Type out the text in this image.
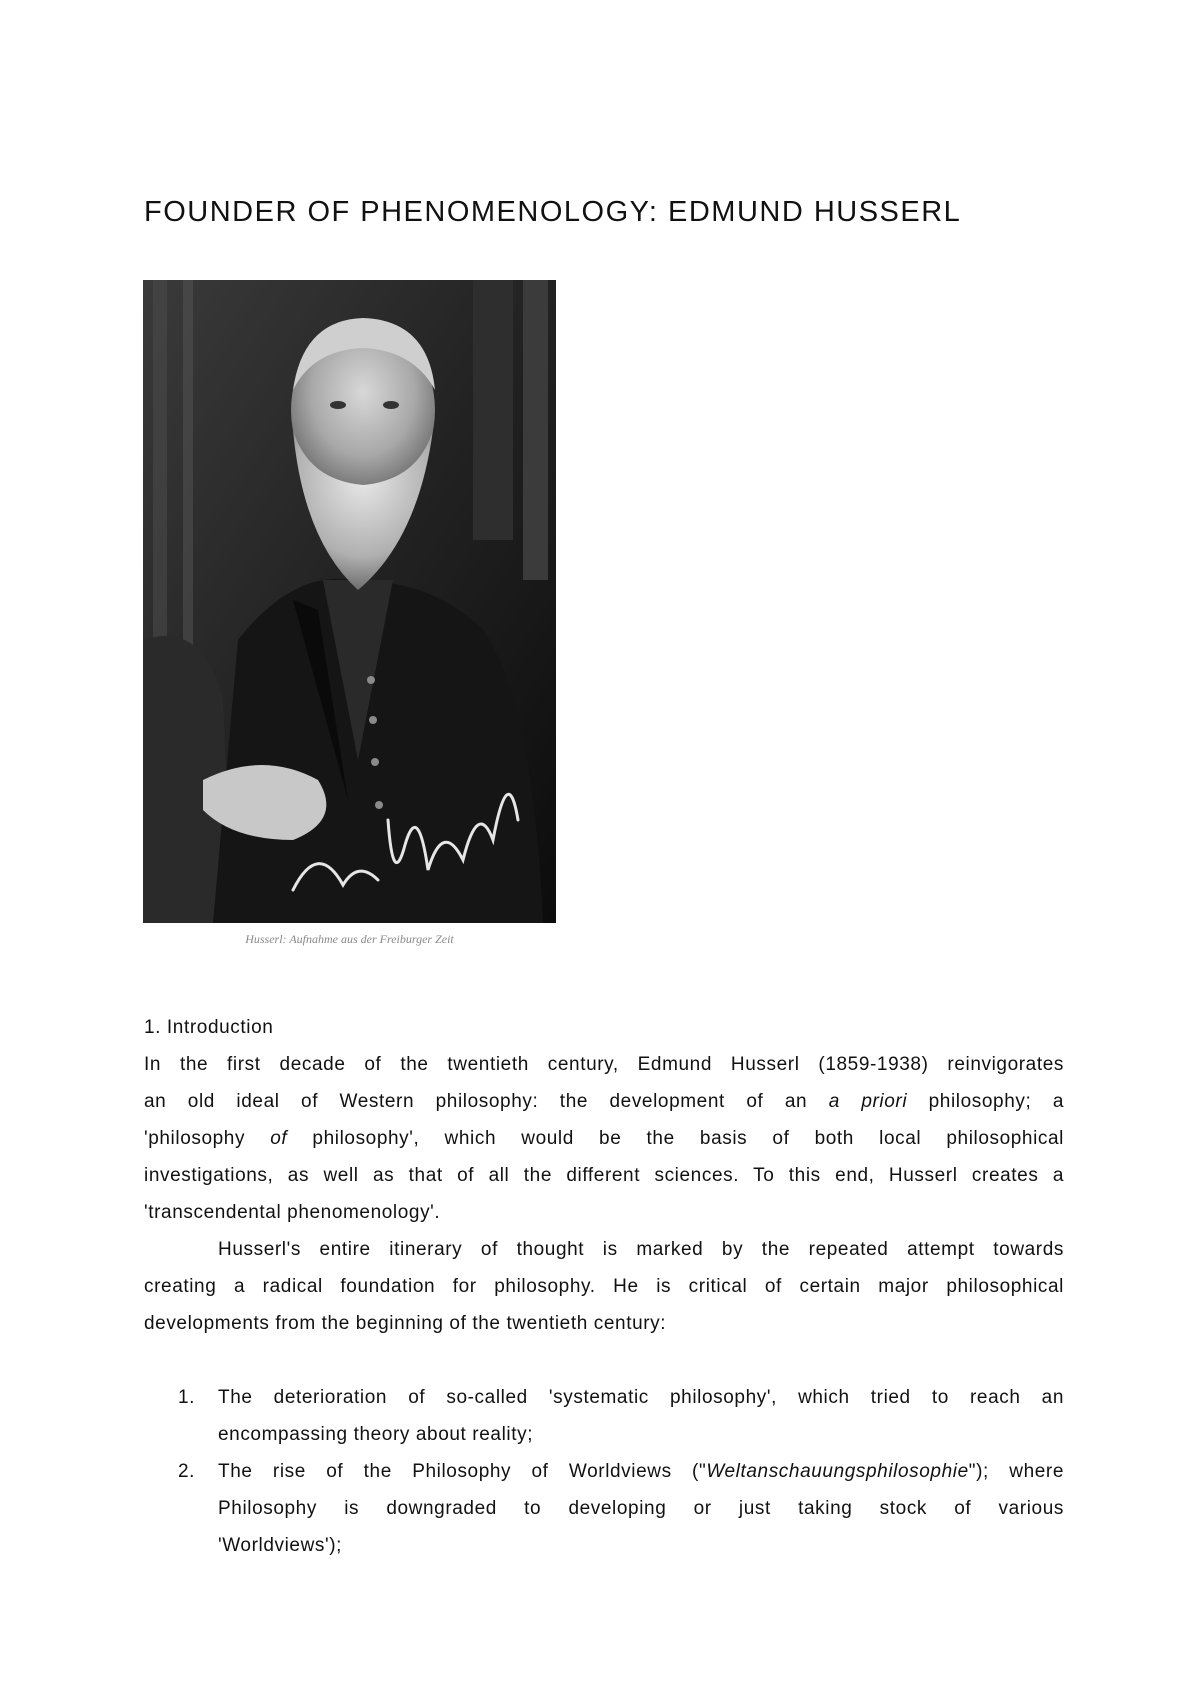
FOUNDER OF PHENOMENOLOGY: EDMUND HUSSERL
Husserl: Aufnahme aus der Freiburger Zeit
1. Introduction
In the first decade of the twentieth century, Edmund Husserl (1859-1938) reinvigorates
an old ideal of Western philosophy: the development of an a priori philosophy; a
'philosophy of philosophy', which would be the basis of both local philosophical
investigations, as well as that of all the different sciences. To this end, Husserl creates a
'transcendental phenomenology'.
Husserl's entire itinerary of thought is marked by the repeated attempt towards
creating a radical foundation for philosophy. He is critical of certain major philosophical
developments from the beginning of the twentieth century:
1.	The deterioration of so-called 'systematic philosophy', which tried to reach an
encompassing theory about reality;
2.	The rise of the Philosophy of Worldviews ("Weltanschauungsphilosophie"); where
Philosophy is downgraded to developing or just taking stock of various
'Worldviews');
